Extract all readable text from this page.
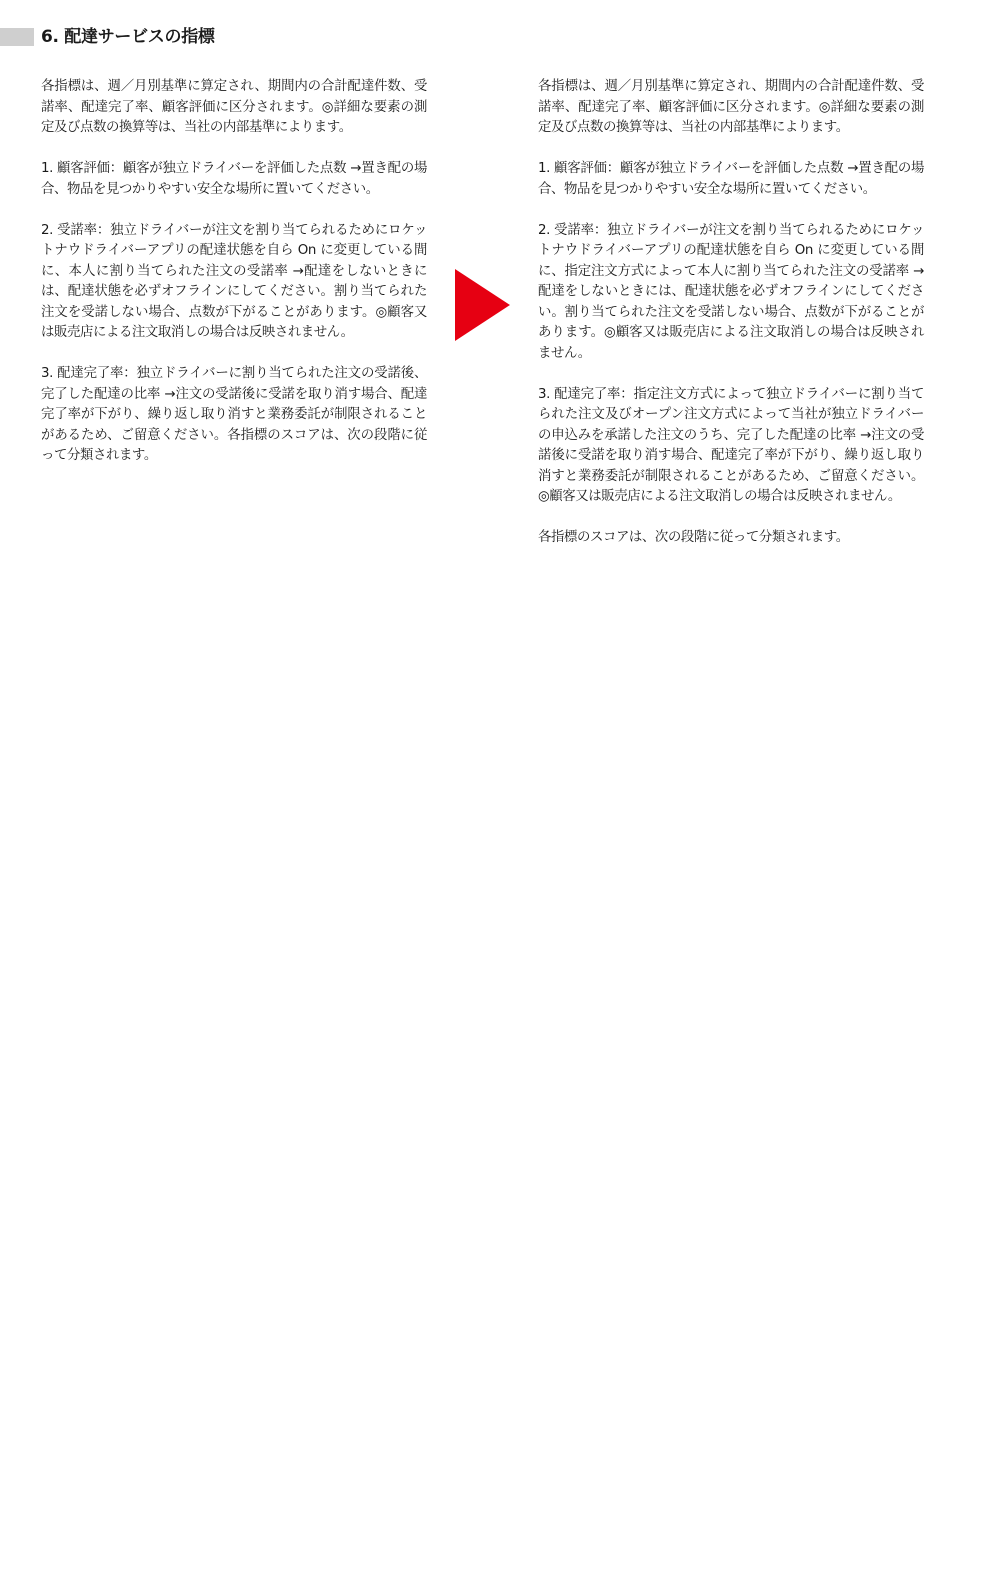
6. 配達サービスの指標

各指標は、週／月別基準に算定され、期間内の合計配達件数、受諾率、配達完了率、顧客評価に区分されます。◎詳細な要素の測定及び点数の換算等は、当社の内部基準によります。

1. 顧客評価：顧客が独立ドライバーを評価した点数 →置き配の場合、物品を見つかりやすい安全な場所に置いてください。

2. 受諾率：独立ドライバーが注文を割り当てられるためにロケットナウドライバーアプリの配達状態を自ら On に変更している間に、本人に割り当てられた注文の受諾率 →配達をしないときには、配達状態を必ずオフラインにしてください。割り当てられた注文を受諾しない場合、点数が下がることがあります。◎顧客又は販売店による注文取消しの場合は反映されません。

3. 配達完了率：独立ドライバーに割り当てられた注文の受諾後、完了した配達の比率 →注文の受諾後に受諾を取り消す場合、配達完了率が下がり、繰り返し取り消すと業務委託が制限されることがあるため、ご留意ください。各指標のスコアは、次の段階に従って分類されます。

各指標は、週／月別基準に算定され、期間内の合計配達件数、受諾率、配達完了率、顧客評価に区分されます。◎詳細な要素の測定及び点数の換算等は、当社の内部基準によります。

1. 顧客評価：顧客が独立ドライバーを評価した点数 →置き配の場合、物品を見つかりやすい安全な場所に置いてください。

2. 受諾率：独立ドライバーが注文を割り当てられるためにロケットナウドライバーアプリの配達状態を自ら On に変更している間に、指定注文方式によって本人に割り当てられた注文の受諾率 →配達をしないときには、配達状態を必ずオフラインにしてください。割り当てられた注文を受諾しない場合、点数が下がることがあります。◎顧客又は販売店による注文取消しの場合は反映されません。

3. 配達完了率：指定注文方式によって独立ドライバーに割り当てられた注文及びオープン注文方式によって当社が独立ドライバーの申込みを承諾した注文のうち、完了した配達の比率 →注文の受諾後に受諾を取り消す場合、配達完了率が下がり、繰り返し取り消すと業務委託が制限されることがあるため、ご留意ください。◎顧客又は販売店による注文取消しの場合は反映されません。

各指標のスコアは、次の段階に従って分類されます。
